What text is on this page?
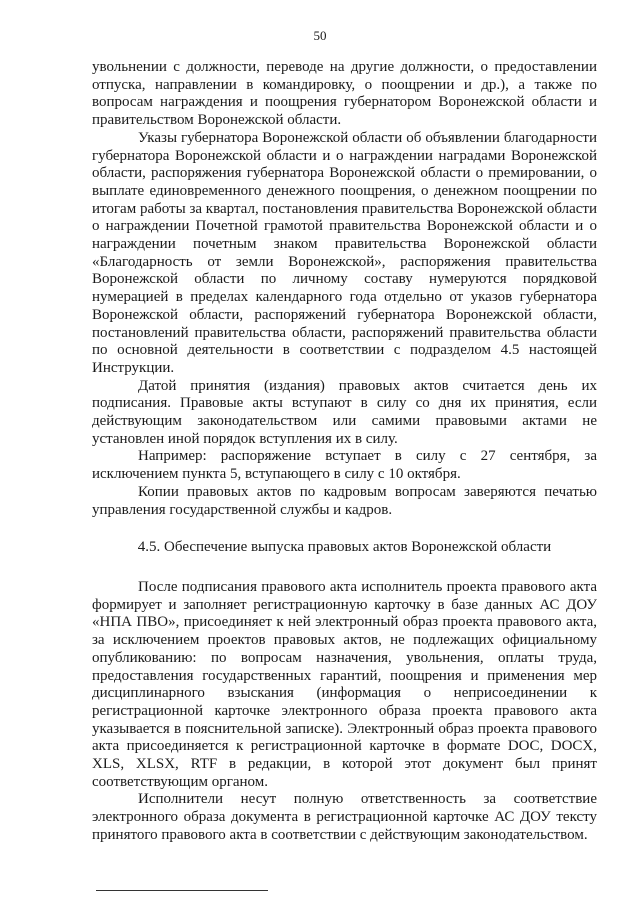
50

увольнении с должности, переводе на другие должности, о предоставлении отпуска, направлении в командировку, о поощрении и др.), а также по вопросам награждения и поощрения губернатором Воронежской области и правительством Воронежской области.

Указы губернатора Воронежской области об объявлении благодарности губернатора Воронежской области и о награждении наградами Воронежской области, распоряжения губернатора Воронежской области о премировании, о выплате единовременного денежного поощрения, о денежном поощрении по итогам работы за квартал, постановления правительства Воронежской области о награждении Почетной грамотой правительства Воронежской области и о награждении почетным знаком правительства Воронежской области «Благодарность от земли Воронежской», распоряжения правительства Воронежской области по личному составу нумеруются порядковой нумерацией в пределах календарного года отдельно от указов губернатора Воронежской области, распоряжений губернатора Воронежской области, постановлений правительства области, распоряжений правительства области по основной деятельности в соответствии с подразделом 4.5 настоящей Инструкции.

Датой принятия (издания) правовых актов считается день их подписания. Правовые акты вступают в силу со дня их принятия, если действующим законодательством или самими правовыми актами не установлен иной порядок вступления их в силу.

Например: распоряжение вступает в силу с 27 сентября, за исключением пункта 5, вступающего в силу с 10 октября.

Копии правовых актов по кадровым вопросам заверяются печатью управления государственной службы и кадров.

4.5. Обеспечение выпуска правовых актов Воронежской области

После подписания правового акта исполнитель проекта правового акта формирует и заполняет регистрационную карточку в базе данных АС ДОУ «НПА ПВО», присоединяет к ней электронный образ проекта правового акта, за исключением проектов правовых актов, не подлежащих официальному опубликованию: по вопросам назначения, увольнения, оплаты труда, предоставления государственных гарантий, поощрения и применения мер дисциплинарного взыскания (информация о неприсоединении к регистрационной карточке электронного образа проекта правового акта указывается в пояснительной записке). Электронный образ проекта правового акта присоединяется к регистрационной карточке в формате DOC, DOCX, XLS, XLSX, RTF в редакции, в которой этот документ был принят соответствующим органом.

Исполнители несут полную ответственность за соответствие электронного образа документа в регистрационной карточке АС ДОУ тексту принятого правового акта в соответствии с действующим законодательством.
